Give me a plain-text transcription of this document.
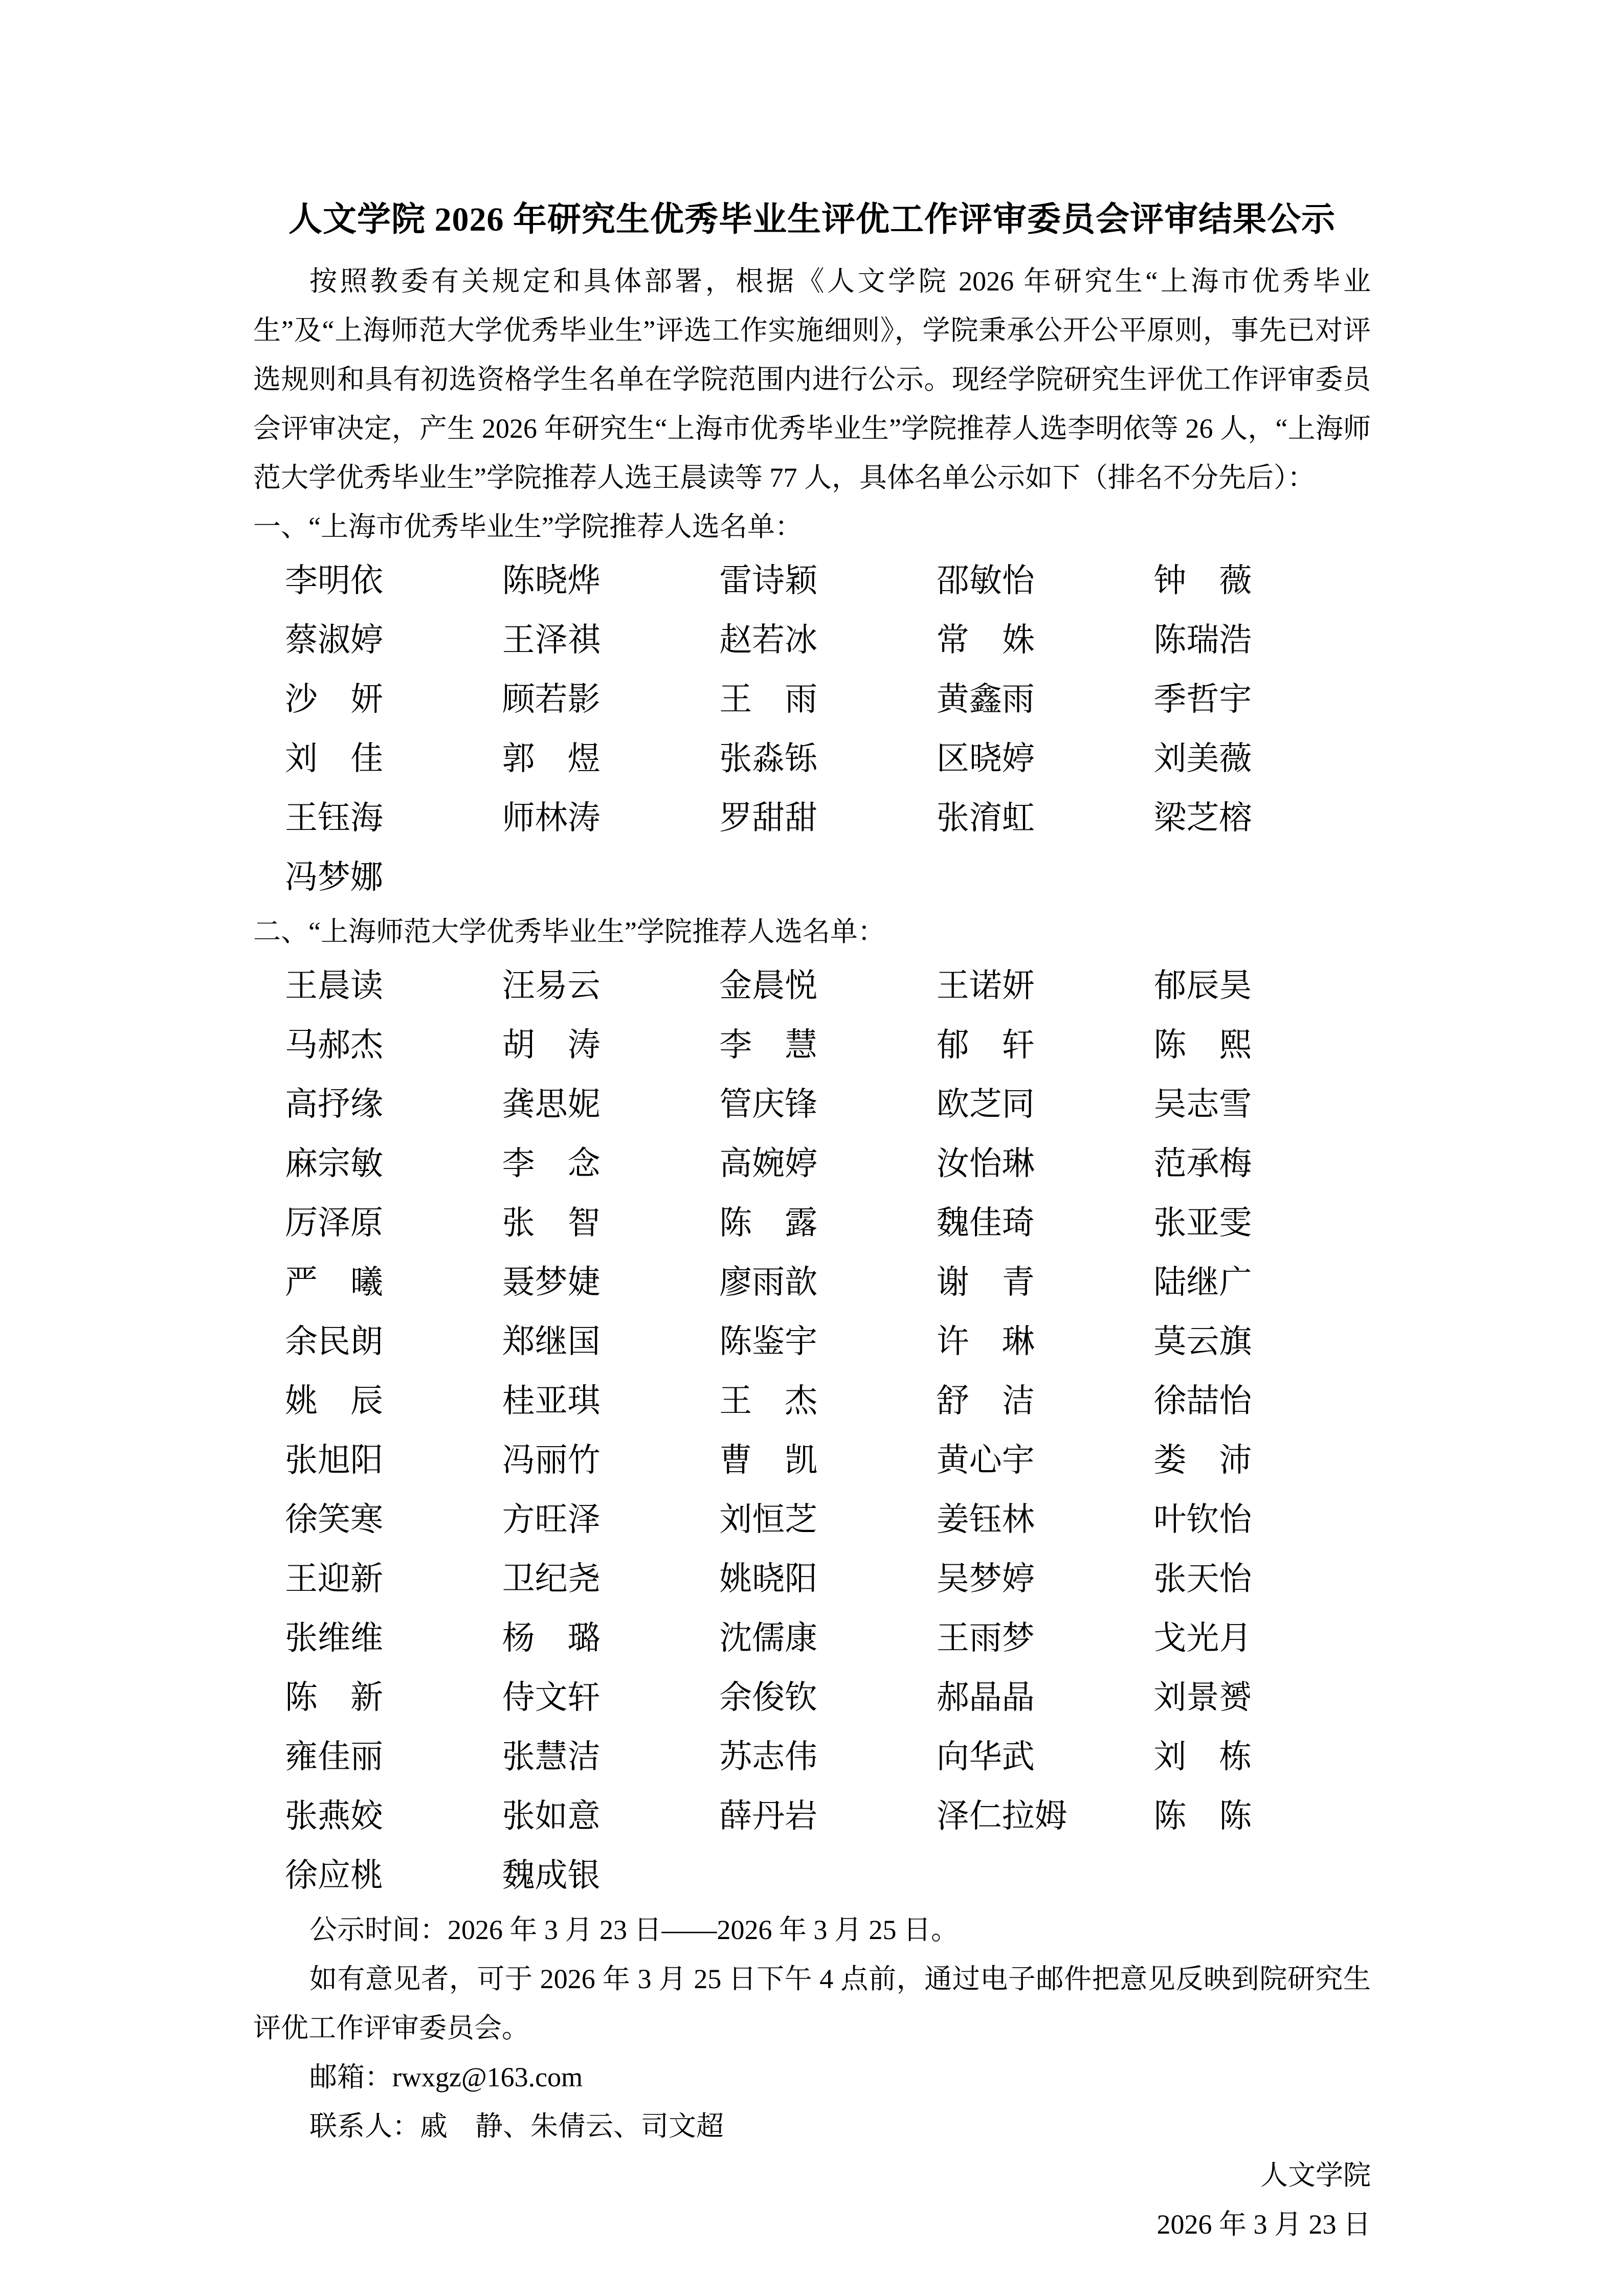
人文学院 2026 年研究生优秀毕业生评优工作评审委员会评审结果公示

按照教委有关规定和具体部署，根据《人文学院 2026 年研究生“上海市优秀毕业生”及“上海师范大学优秀毕业生”评选工作实施细则》，学院秉承公开公平原则，事先已对评选规则和具有初选资格学生名单在学院范围内进行公示。现经学院研究生评优工作评审委员会评审决定，产生 2026 年研究生“上海市优秀毕业生”学院推荐人选李明依等 26 人，“上海师范大学优秀毕业生”学院推荐人选王晨读等 77 人，具体名单公示如下（排名不分先后）：

一、“上海市优秀毕业生”学院推荐人选名单：

李明依	陈晓烨	雷诗颖	邵敏怡	钟　薇
蔡淑婷	王泽祺	赵若冰	常　姝	陈瑞浩
沙　妍	顾若影	王　雨	黄鑫雨	季哲宇
刘　佳	郭　煜	张淼铄	区晓婷	刘美薇
王钰海	师林涛	罗甜甜	张淯虹	梁芝榕
冯梦娜

二、“上海师范大学优秀毕业生”学院推荐人选名单：

王晨读	汪易云	金晨悦	王诺妍	郁辰昊
马郝杰	胡　涛	李　慧	郁　轩	陈　熙
高抒缘	龚思妮	管庆锋	欧芝同	吴志雪
麻宗敏	李　念	高婉婷	汝怡琳	范承梅
厉泽原	张　智	陈　露	魏佳琦	张亚雯
严　曦	聂梦婕	廖雨歆	谢　青	陆继广
余民朗	郑继国	陈鉴宇	许　琳	莫云旗
姚　辰	桂亚琪	王　杰	舒　洁	徐喆怡
张旭阳	冯丽竹	曹　凯	黄心宇	娄　沛
徐笑寒	方旺泽	刘恒芝	姜钰林	叶钦怡
王迎新	卫纪尧	姚晓阳	吴梦婷	张天怡
张维维	杨　璐	沈儒康	王雨梦	戈光月
陈　新	侍文轩	余俊钦	郝晶晶	刘景赟
雍佳丽	张慧洁	苏志伟	向华武	刘　栋
张燕姣	张如意	薛丹岩	泽仁拉姆	陈　陈
徐应桃	魏成银

公示时间：2026 年 3 月 23 日——2026 年 3 月 25 日。

如有意见者，可于 2026 年 3 月 25 日下午 4 点前，通过电子邮件把意见反映到院研究生评优工作评审委员会。

邮箱：rwxgz@163.com

联系人：戚　静、朱倩云、司文超

人文学院

2026 年 3 月 23 日
